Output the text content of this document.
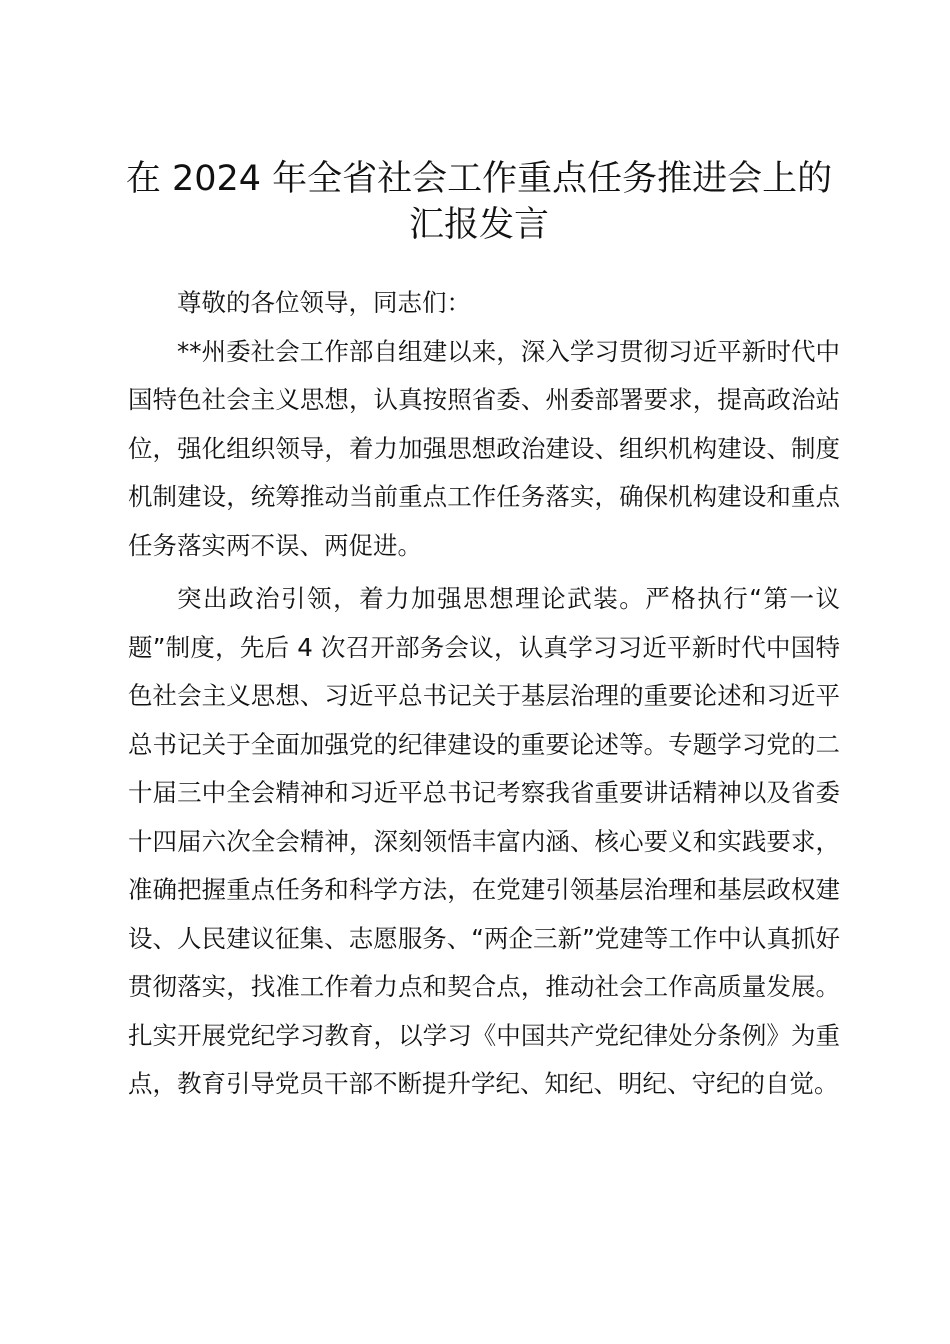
在 2024 年全省社会工作重点任务推进会上的汇报发言

尊敬的各位领导，同志们：

**州委社会工作部自组建以来，深入学习贯彻习近平新时代中国特色社会主义思想，认真按照省委、州委部署要求，提高政治站位，强化组织领导，着力加强思想政治建设、组织机构建设、制度机制建设，统筹推动当前重点工作任务落实，确保机构建设和重点任务落实两不误、两促进。

突出政治引领，着力加强思想理论武装。严格执行“第一议题”制度，先后 4 次召开部务会议，认真学习习近平新时代中国特色社会主义思想、习近平总书记关于基层治理的重要论述和习近平总书记关于全面加强党的纪律建设的重要论述等。专题学习党的二十届三中全会精神和习近平总书记考察我省重要讲话精神以及省委十四届六次全会精神，深刻领悟丰富内涵、核心要义和实践要求，准确把握重点任务和科学方法，在党建引领基层治理和基层政权建设、人民建议征集、志愿服务、“两企三新”党建等工作中认真抓好贯彻落实，找准工作着力点和契合点，推动社会工作高质量发展。扎实开展党纪学习教育，以学习《中国共产党纪律处分条例》为重点，教育引导党员干部不断提升学纪、知纪、明纪、守纪的自觉。
